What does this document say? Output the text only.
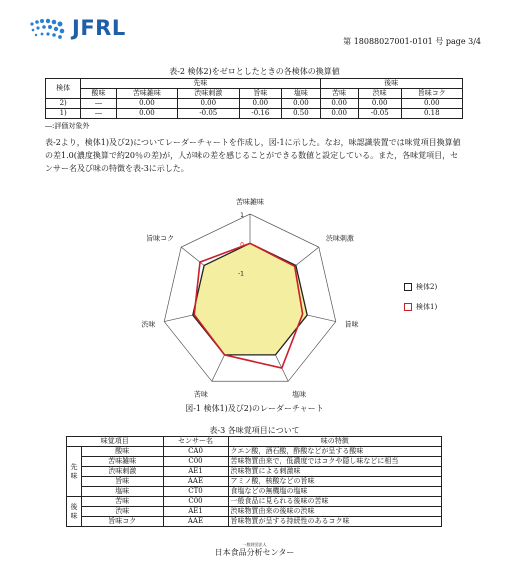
JFRL
第 18088027001-0101 号 page 3/4
表-2 検体2)をゼロとしたときの各検体の換算値
検体	先味					後味		
	酸味	苦味雑味	渋味刺激	旨味	塩味	苦味	渋味	旨味コク
2)	―	0.00	0.00	0.00	0.00	0.00	0.00	0.00
1)	―	0.00	-0.05	-0.16	0.50	0.00	-0.05	0.18
―:評価対象外
表-2より，検体1)及び2)についてレーダーチャートを作成し，図-1に示した。なお，味認識装置では味覚項目換算値の差1.0(濃度換算で約20％の差)が，人が味の差を感じることができる数値と設定している。また，各味覚項目，センサー名及び味の特徴を表-3に示した。
1
0
-1
苦味雑味
渋味刺激
旨味
塩味
苦味
渋味
旨味コク
検体2)
検体1)
図-1 検体1)及び2)のレーダーチャート
表-3 各味覚項目について
味覚項目		センサー名	味の特徴
先味	酸味	CA0	クエン酸，酒石酸，酢酸などが呈する酸味
	苦味雑味	C00	苦味物質由来で，低濃度ではコクや隠し味などに相当
	渋味刺激	AE1	渋味物質による刺激味
	旨味	AAE	アミノ酸，核酸などの旨味
	塩味	CT0	食塩などの無機塩の塩味
後味	苦味	C00	一般食品に見られる後味の苦味
	渋味	AE1	渋味物質由来の後味の渋味
	旨味コク	AAE	旨味物質が呈する持続性のあるコク味
一般財団法人
日本食品分析センター
